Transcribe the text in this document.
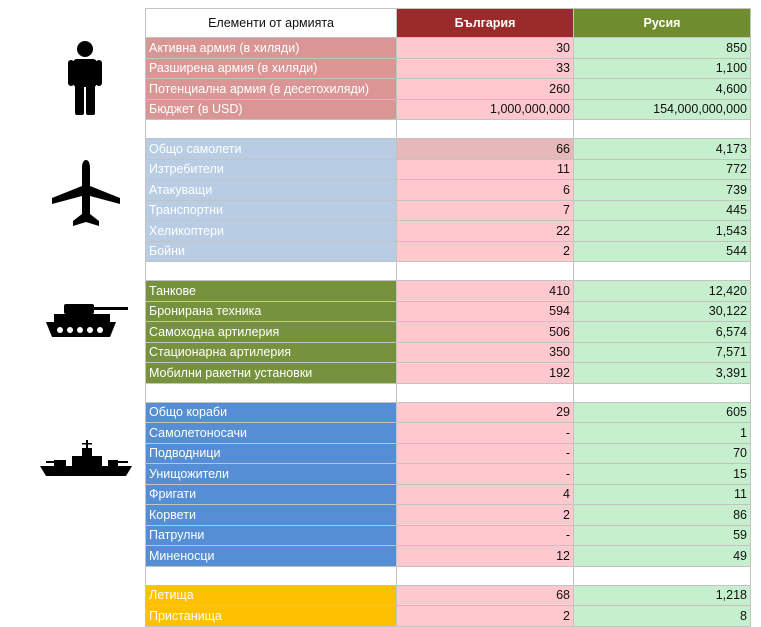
Елементи от армията	България	Русия
Активна армия (в хиляди)	30	850
Разширена армия (в хиляди)	33	1,100
Потенциална армия (в десетохиляди)	260	4,600
Бюджет (в USD)	1,000,000,000	154,000,000,000

Общо самолети	66	4,173
Изтребители	11	772
Атакуващи	6	739
Транспортни	7	445
Хеликоптери	22	1,543
Бойни	2	544

Танкове	410	12,420
Бронирана техника	594	30,122
Самоходна артилерия	506	6,574
Стационарна артилерия	350	7,571
Мобилни ракетни установки	192	3,391

Общо кораби	29	605
Самолетоносачи	-	1
Подводници	-	70
Унищожители	-	15
Фригати	4	11
Корвети	2	86
Патрулни	-	59
Миненосци	12	49

Летища	68	1,218
Пристанища	2	8
